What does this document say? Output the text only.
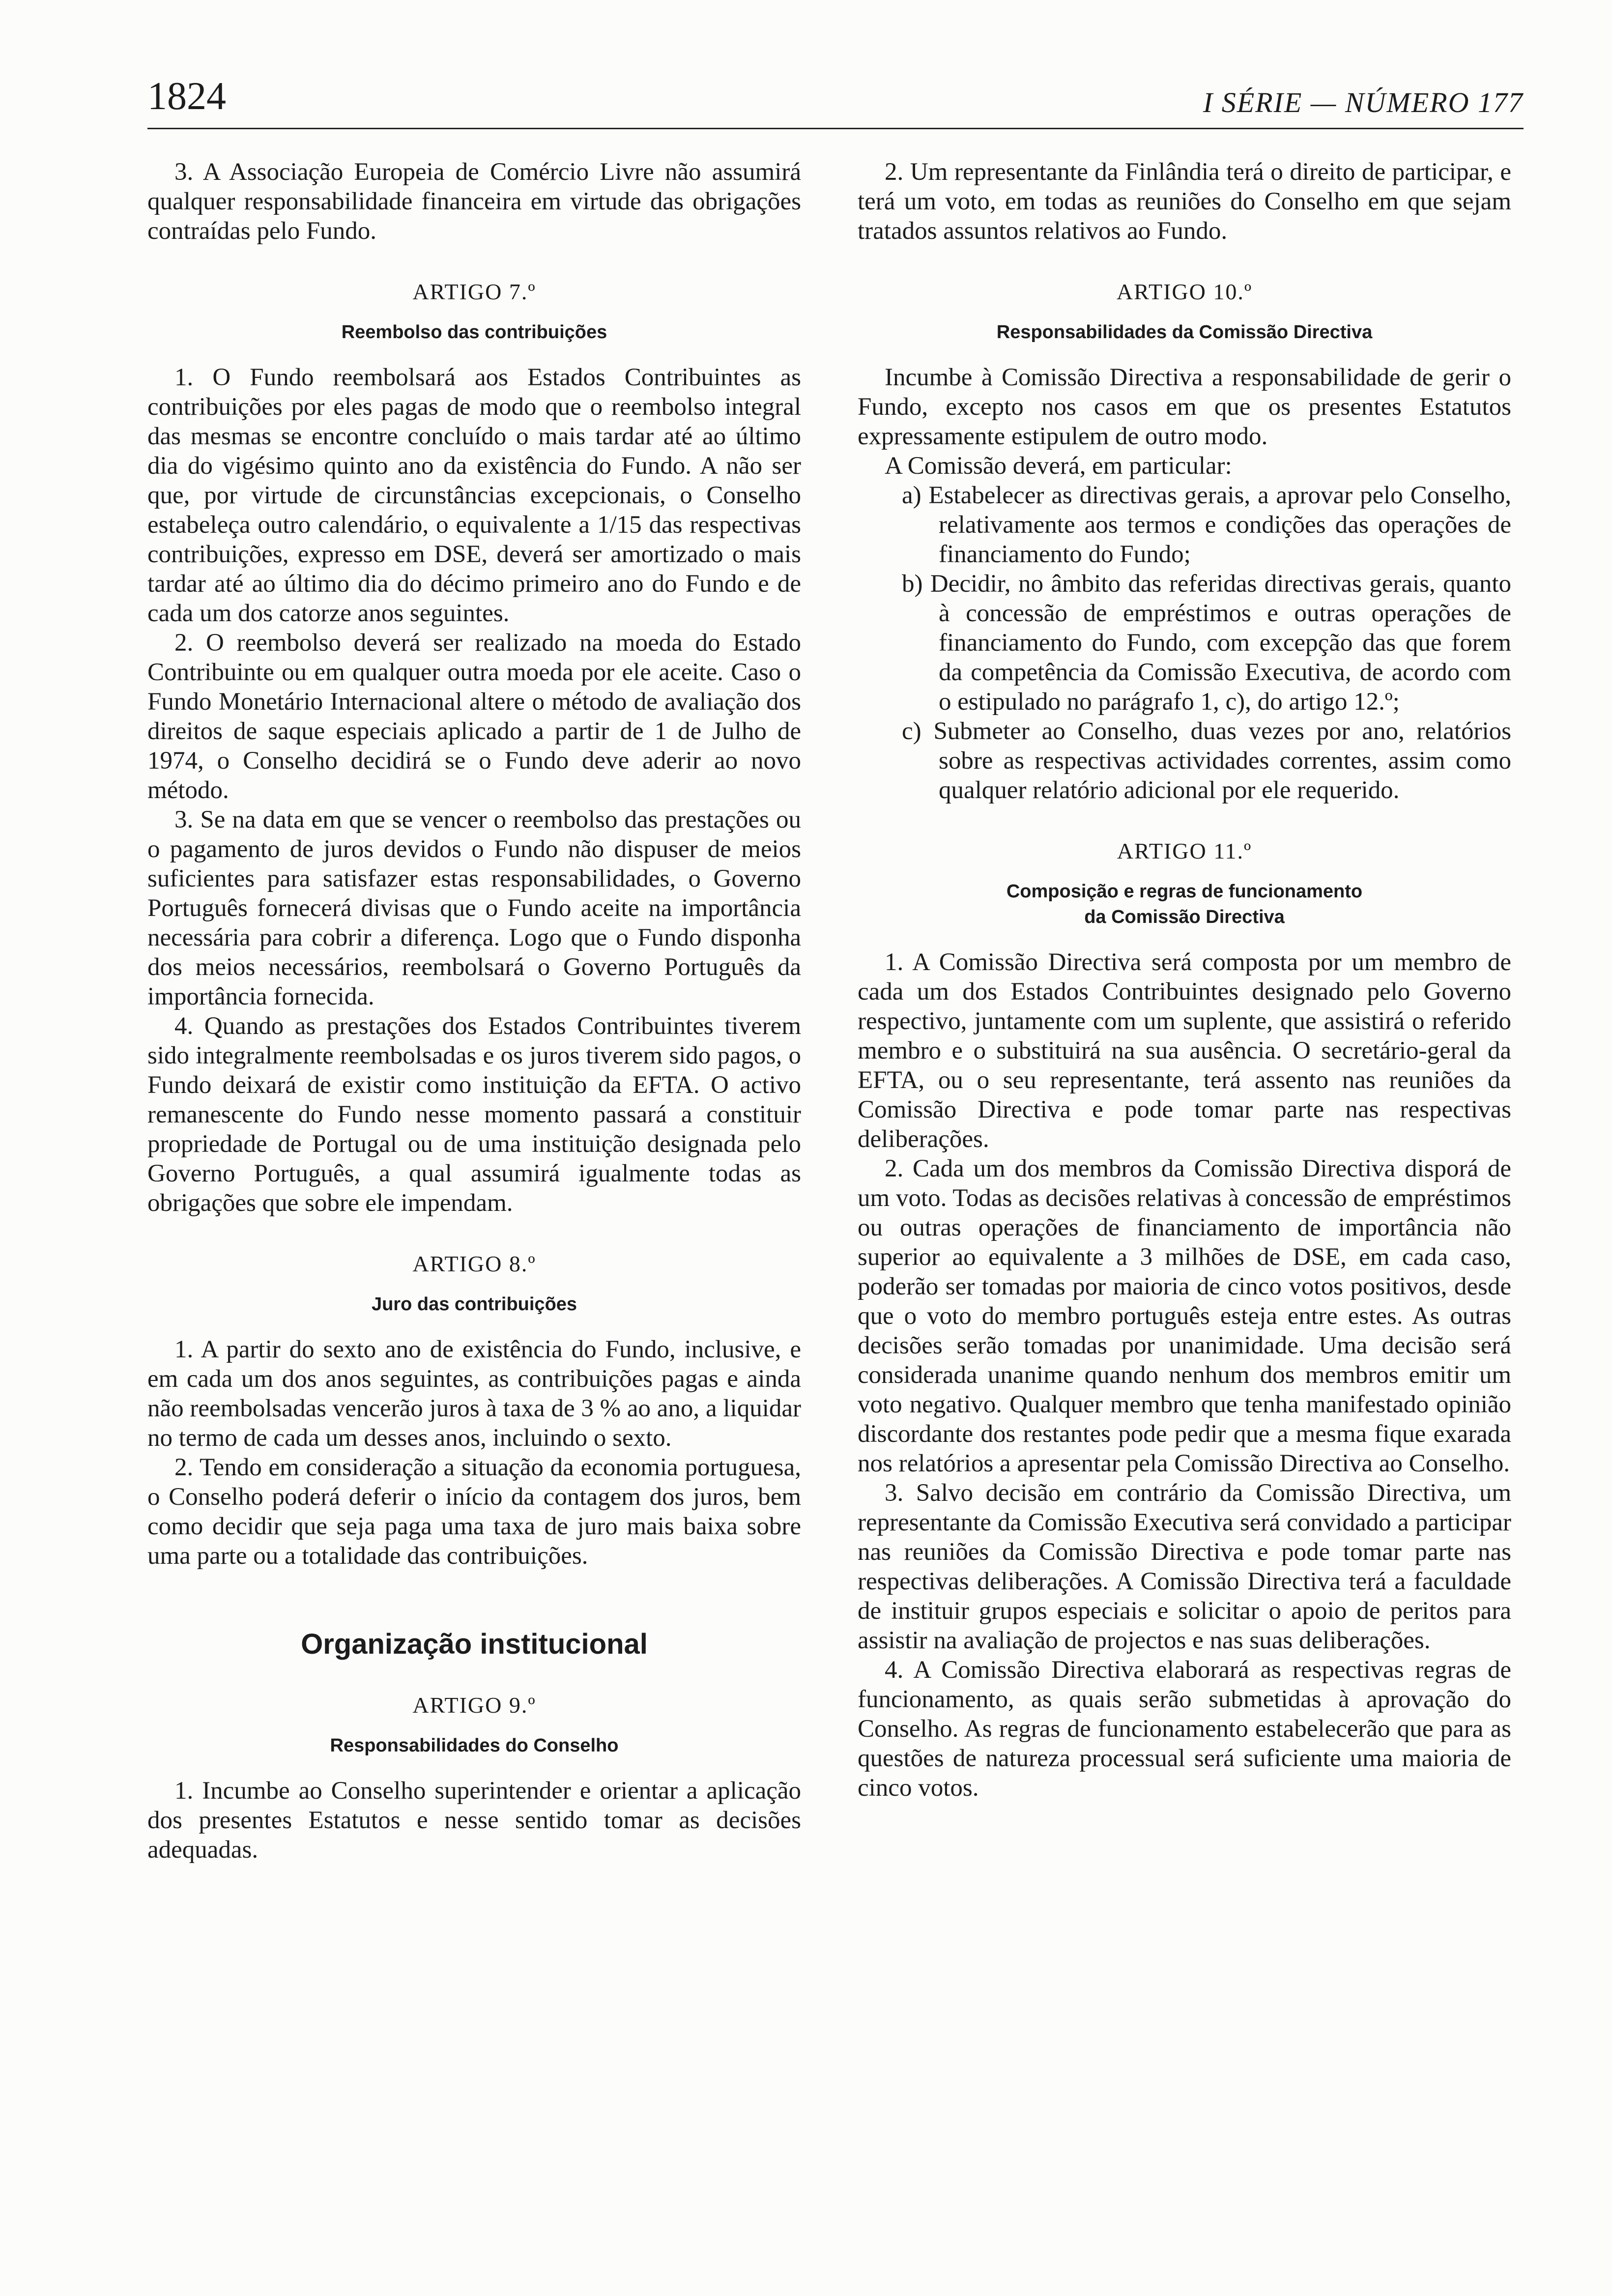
1824	I SÉRIE — NÚMERO 177

3. A Associação Europeia de Comércio Livre não assumirá qualquer responsabilidade financeira em virtude das obrigações contraídas pelo Fundo.

ARTIGO 7.º
Reembolso das contribuições

1. O Fundo reembolsará aos Estados Contribuintes as contribuições por eles pagas de modo que o reembolso integral das mesmas se encontre concluído o mais tardar até ao último dia do vigésimo quinto ano da existência do Fundo. A não ser que, por virtude de circunstâncias excepcionais, o Conselho estabeleça outro calendário, o equivalente a 1/15 das respectivas contribuições, expresso em DSE, deverá ser amortizado o mais tardar até ao último dia do décimo primeiro ano do Fundo e de cada um dos catorze anos seguintes.

2. O reembolso deverá ser realizado na moeda do Estado Contribuinte ou em qualquer outra moeda por ele aceite. Caso o Fundo Monetário Internacional altere o método de avaliação dos direitos de saque especiais aplicado a partir de 1 de Julho de 1974, o Conselho decidirá se o Fundo deve aderir ao novo método.

3. Se na data em que se vencer o reembolso das prestações ou o pagamento de juros devidos o Fundo não dispuser de meios suficientes para satisfazer estas responsabilidades, o Governo Português fornecerá divisas que o Fundo aceite na importância necessária para cobrir a diferença. Logo que o Fundo disponha dos meios necessários, reembolsará o Governo Português da importância fornecida.

4. Quando as prestações dos Estados Contribuintes tiverem sido integralmente reembolsadas e os juros tiverem sido pagos, o Fundo deixará de existir como instituição da EFTA. O activo remanescente do Fundo nesse momento passará a constituir propriedade de Portugal ou de uma instituição designada pelo Governo Português, a qual assumirá igualmente todas as obrigações que sobre ele impendam.

ARTIGO 8.º
Juro das contribuições

1. A partir do sexto ano de existência do Fundo, inclusive, e em cada um dos anos seguintes, as contribuições pagas e ainda não reembolsadas vencerão juros à taxa de 3 % ao ano, a liquidar no termo de cada um desses anos, incluindo o sexto.

2. Tendo em consideração a situação da economia portuguesa, o Conselho poderá deferir o início da contagem dos juros, bem como decidir que seja paga uma taxa de juro mais baixa sobre uma parte ou a totalidade das contribuições.

Organização institucional
ARTIGO 9.º
Responsabilidades do Conselho

1. Incumbe ao Conselho superintender e orientar a aplicação dos presentes Estatutos e nesse sentido tomar as decisões adequadas.

2. Um representante da Finlândia terá o direito de participar, e terá um voto, em todas as reuniões do Conselho em que sejam tratados assuntos relativos ao Fundo.

ARTIGO 10.º
Responsabilidades da Comissão Directiva

Incumbe à Comissão Directiva a responsabilidade de gerir o Fundo, excepto nos casos em que os presentes Estatutos expressamente estipulem de outro modo.

A Comissão deverá, em particular:

a) Estabelecer as directivas gerais, a aprovar pelo Conselho, relativamente aos termos e condições das operações de financiamento do Fundo;

b) Decidir, no âmbito das referidas directivas gerais, quanto à concessão de empréstimos e outras operações de financiamento do Fundo, com excepção das que forem da competência da Comissão Executiva, de acordo com o estipulado no parágrafo 1, c), do artigo 12.º;

c) Submeter ao Conselho, duas vezes por ano, relatórios sobre as respectivas actividades correntes, assim como qualquer relatório adicional por ele requerido.

ARTIGO 11.º
Composição e regras de funcionamento
da Comissão Directiva

1. A Comissão Directiva será composta por um membro de cada um dos Estados Contribuintes designado pelo Governo respectivo, juntamente com um suplente, que assistirá o referido membro e o substituirá na sua ausência. O secretário-geral da EFTA, ou o seu representante, terá assento nas reuniões da Comissão Directiva e pode tomar parte nas respectivas deliberações.

2. Cada um dos membros da Comissão Directiva disporá de um voto. Todas as decisões relativas à concessão de empréstimos ou outras operações de financiamento de importância não superior ao equivalente a 3 milhões de DSE, em cada caso, poderão ser tomadas por maioria de cinco votos positivos, desde que o voto do membro português esteja entre estes. As outras decisões serão tomadas por unanimidade. Uma decisão será considerada unanime quando nenhum dos membros emitir um voto negativo. Qualquer membro que tenha manifestado opinião discordante dos restantes pode pedir que a mesma fique exarada nos relatórios a apresentar pela Comissão Directiva ao Conselho.

3. Salvo decisão em contrário da Comissão Directiva, um representante da Comissão Executiva será convidado a participar nas reuniões da Comissão Directiva e pode tomar parte nas respectivas deliberações. A Comissão Directiva terá a faculdade de instituir grupos especiais e solicitar o apoio de peritos para assistir na avaliação de projectos e nas suas deliberações.

4. A Comissão Directiva elaborará as respectivas regras de funcionamento, as quais serão submetidas à aprovação do Conselho. As regras de funcionamento estabelecerão que para as questões de natureza processual será suficiente uma maioria de cinco votos.
